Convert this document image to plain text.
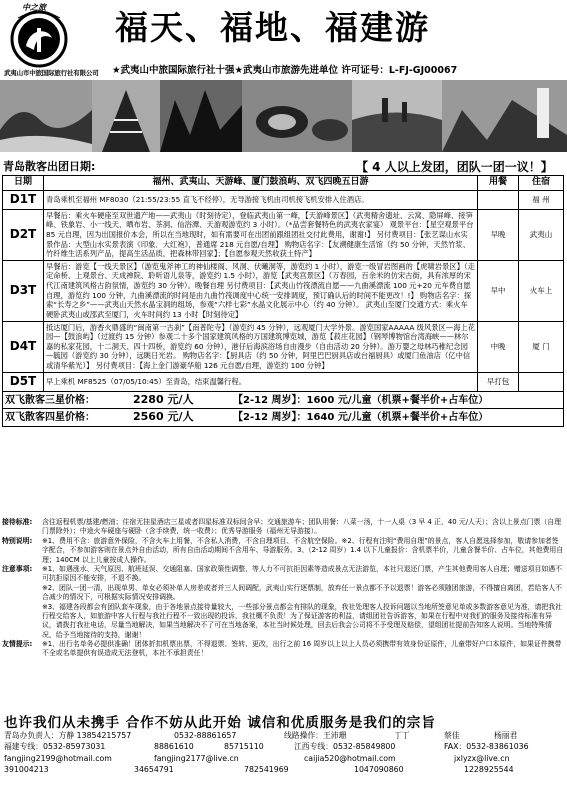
中之旅
武夷山市中旅国际旅行社有限公司
福天、福地、福建游
★武夷山中旅国际旅行社十强★武夷山市旅游先进单位 许可证号：L-FJ-GJ00067
青岛散客出团日期:	【 4 人以上发团，团队一团一议！】
日期	福州、武夷山、天游峰、厦门鼓浪屿、双飞四晚五日游	用餐	住宿
D1T	青岛乘机至福州 MF8030（21:55/23:55 直飞不经停），无导游接飞机由司机接飞机安排入住酒店。		福 州
D2T	早餐后：乘火车硬座至双世遗产地——武夷山（时刻待定），登临武夷山第一峰，【天游峰景区】（武夷精舍遗址、云窝、隐屏峰、接笋峰、铁象岩、小一线天、晒布岩、茶洞、仙浴潭、天游观游览约 3 小时）。（*品尝套餐特色的武夷农家宴） 观景平台：【星空观景平台 85 元自理，因为出国报价本会，所以在当地现时，如有需要可在出团前跟组团社交付此费用，谢谢!】 另付费项目：【张艺谋山水实景作品：大型山水实景表演《印象．大红袍》，普通席 218 元自愿/自理】 购物店名字：【友溯健康生活馆（约 50 分钟，天然竹浆、竹纤维生活系列产品，提高生活品质，把森林带回家】；【自愿参观天然收获土特产】	早晚	武夷山
D3T	早餐后：游览【一线天景区】（游览鬼斧神工的神仙楼阁、风洞、伏曦洞等，游览约 1 小时），游览一级冒岩图画的【虎啸岩景区】（走定命桥、上观景台、天成禅院、聆听语儿泉等，游览约 1.5 小时），游览【武夷宫景区】（万春园，百余米的仿宋古街，具有浓厚的宋代江南建筑风格古韵氛情，游览约 30 分钟）。晚餐自理 另付费项目：【武夷山竹筏漂流自愿——九曲溪漂流 100 元+20 元车费自愿自理，游览约 100 分钟，九曲溪漂流的时间是由九曲竹筏调度中心统一安排调度，预订确认后的时间不能更改！!】 购物店名字：探索“长寿之乡”——武夷山天然水晶宝洞的组场，参观“六样七彩”水晶文化展示中心（约 40 分钟）。 武夷山至厦门交通方式：乘火车硬卧武夷山或邵武至厦门，火车时间约 13 小时【时刻待定】	早中	火车上
D4T	抵达厦门后，游香火鼎盛的“闽南第一古刹”【南普陀寺】（游览约 45 分钟），远观厦门大学外景。游览国家AAAAA 级风景区—海上花园—【鼓浪屿】（过渡约 15 分钟）参观二十多个国家建筑风格的万国建筑博览城，游览【菽庄花园】（钢琴博物馆台湾海峡——林尔嘉的私家花园，十二洞天、四十四桥，游览约 60 分钟），港仔后海滨浴场自由漫步（自由活动 20 分钟）。游万婴之母林巧稚纪念园—毓园（游览约 30 分钟），远眺日光岩。 购物店名字：【厨具店（约 50 分钟，阿里巴巴厨具店或台福厨具）或厦门鱼油店（亿中信或清华紫光）】 另付费项目：【海上金门游豪华船 126 元自愿/自理，游览约 100 分钟】	中晚	厦 门
D5T	早上乘机 MF8525（07/05/10:45）至青岛，结束温馨行程。	早打包	
双飞散客三星价格： 2280 元/人 【2-12 周岁】：1600 元/儿童（机票+餐半价+占车位）			
双飞散客四星价格： 2560 元/人 【2-12 周岁】：1640 元/儿童（机票+餐半价+占车位）			
接待标准:	含往返程机票/基建/燃油；住宿无挂星酒店三星或者四星标准双标间含早；交通旅游车；团队用餐：八菜一汤，十一人桌（3 早 4 正，40 元/人天）；含以上景点门票（自理门票除外）；中途火车硬座与硬卧（含手续费，统一收费）；优秀导游服务（福州无导游接）。
特别说明:	※1、费用不含：旅游意外保险，不含火车上用餐，不含私人消费，不含自理项目、不含航空保险。※2、行程有注明“费用自理”的景点，客人自愿选择参加，敬请参加者签字配合，不参加游客则在景点外自由活动，所有自由活动期间不含用车、导游服务。3、（2-12 周岁）1.4 以下儿童报价：含机票半价，儿童含餐半价、占车位，其他费用自理；140CM 以上儿童按成人操作。
注意事项:	※1、如遇涨水、天气原因、航班延误、交通阻塞、国家政策性调整、等人力不可抗拒因素等造成景点无法游览，本社只退还门票，产生其他费用客人自理；赠送项目如遇不可抗拒原因不能安排，不退不换。
※2、团队一团一清，出现单男、单女必须补单人房差或者并三人间调配，武夷山实行逐票制，放弃任一景点都不予以退票！游客必须随团旅游，不得擅自离团，若给客人不合减少的情况下，可根据实际情况安排调换。
※3、福建各段都会有团队套车现象，由于各地景点接待量较大，一些部分景点都会有排队的现象，我社处理客人投诉问题以当地所签意见单或多数游客意见为准，请把我社行程交给客人，如旅游中客人行程与我社行程不一致出现的投诉，我社概不负责！为了保证游客的利益，请组团社告诉游客，如果在行程中对我们的服务及接待标准有异议，请拨打我社电话，尽量当地解决，如果当地解决不了可在当地备案，本社当时候处理，回去后我会公司将不予受理及赔偿，望组团社提前告知客人说明。当地特殊情况，给予当地接待的支持，谢谢！
友情提示:	※1、出行名单务必提供准确！团体折扣机票出票，不得退票、签转、更改，出行之前 16 周岁以上以上人员必须携带有效身份证原件，儿童带好户口本原件，如果证件携带不全或名单提供有误造成无法登机，本社不承担责任！
也许我们从未携手 合作不妨从此开始 诚信和优质服务是我们的宗旨
青岛办负责人：方静 13854215757	0532-88861657	线路操作：王沛珊	丁丁	蔡佳	杨丽君
福建专线：0532-85973031	88861610	85715110	江西专线：0532-85849800	FAX：0532-83861036
fangjing2199@hotmail.com	fangjing2177@live.cn	caijia520@hotmail.com	jxlyzx@live.cn
391004213	34654791	782541969	1047090860	1228925544
